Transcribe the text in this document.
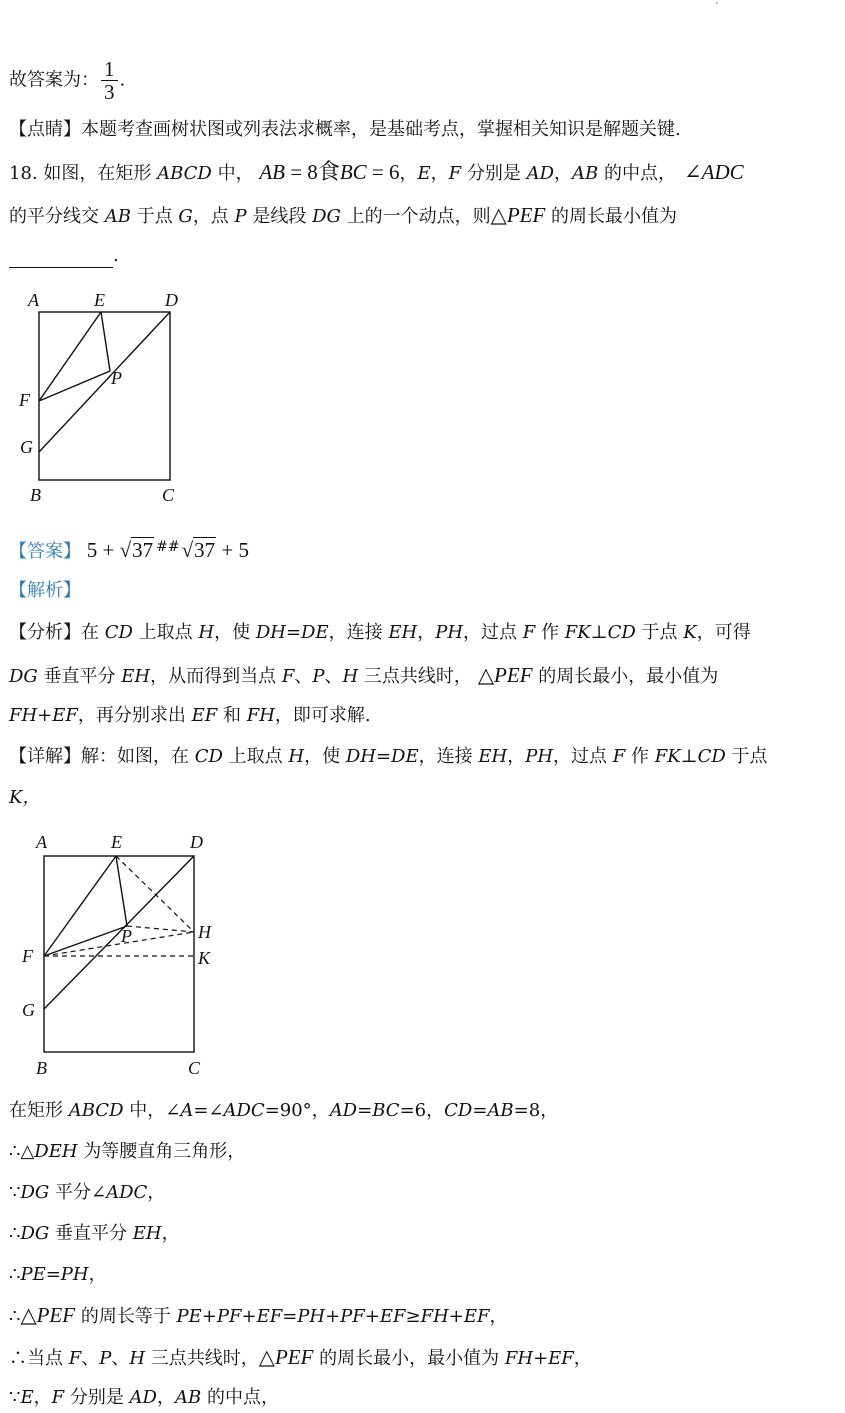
故答案为： $\frac{1}{3}$ .
【点睛】本题考查画树状图或列表法求概率，是基础考点，掌握相关知识是解题关键.
18. 如图，在矩形 ABCD 中， AB = 8食BC = 6，E，F 分别是 AD，AB 的中点， ∠ADC
的平分线交 AB 于点 G，点 P 是线段 DG 上的一个动点，则△PEF 的周长最小值为
.
A	E	D
P
F
G
B	C
【答案】 5 + √37 ##√37 + 5
【解析】
【分析】在 CD 上取点 H，使 DH=DE，连接 EH，PH，过点 F 作 FK⊥CD 于点 K，可得
DG 垂直平分 EH，从而得到当点 F、P、H 三点共线时， △PEF 的周长最小，最小值为
FH+EF，再分别求出 EF 和 FH，即可求解.
【详解】解：如图，在 CD 上取点 H，使 DH=DE，连接 EH，PH，过点 F 作 FK⊥CD 于点
K，
A	E	D
H
P
F	K
G
B	C
在矩形 ABCD 中，∠A=∠ADC=90°，AD=BC=6，CD=AB=8，
∴△DEH 为等腰直角三角形，
∵DG 平分∠ADC，
∴DG 垂直平分 EH，
∴PE=PH，
∴△PEF 的周长等于 PE+PF+EF=PH+PF+EF≥FH+EF，
∴当点 F、P、H 三点共线时，△PEF 的周长最小，最小值为 FH+EF，
∵E，F 分别是 AD，AB 的中点，
